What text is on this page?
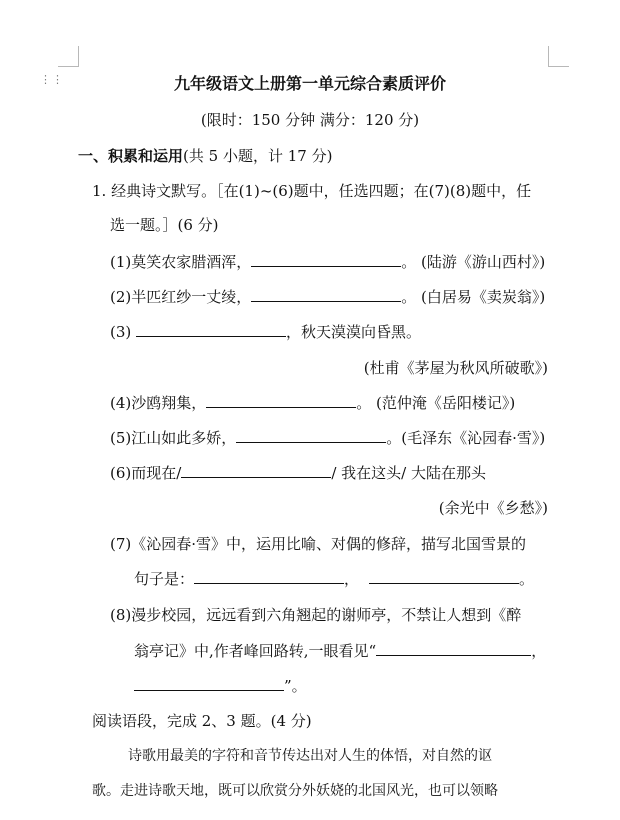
⋮⋮	九年级语文上册第一单元综合素质评价
(限时：150 分钟 满分：120 分)
一、积累和运用(共 5 小题，计 17 分)
1. 经典诗文默写。［在(1)~(6)题中，任选四题；在(7)(8)题中，任
选一题。］(6 分)
(1)莫笑农家腊酒浑，	。 (陆游《游山西村》)
(2)半匹红纱一丈绫，	。 (白居易《卖炭翁》)
(3)	，秋天漠漠向昏黑。
(杜甫《茅屋为秋风所破歌》)
(4)沙鸥翔集，	。 (范仲淹《岳阳楼记》)
(5)江山如此多娇，	。(毛泽东《沁园春·雪》)
(6)而现在/	/ 我在这头/ 大陆在那头
(余光中《乡愁》)
(7)《沁园春·雪》中，运用比喻、对偶的修辞，描写北国雪景的
句子是：	，	。
(8)漫步校园，远远看到六角翘起的谢师亭，不禁让人想到《醉
翁亭记》中,作者峰回路转,一眼看见“	，
”。
阅读语段，完成 2、3 题。(4 分)
诗歌用最美的字符和音节传达出对人生的体悟，对自然的讴
歌。走进诗歌天地，既可以欣赏分外妖娆的北国风光，也可以领略
